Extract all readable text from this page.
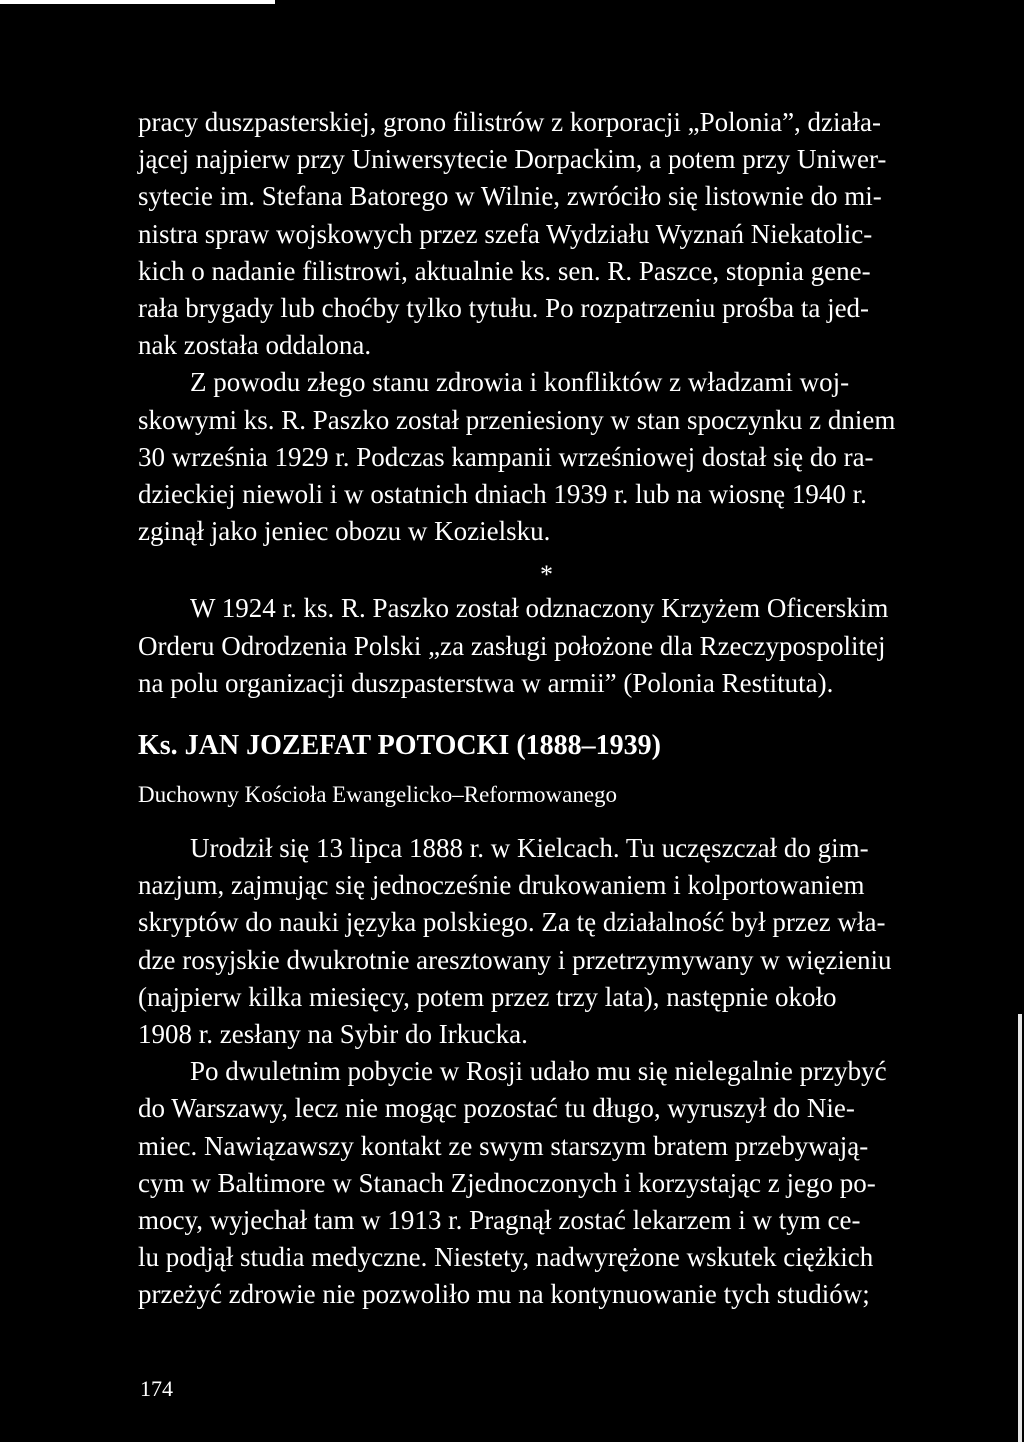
pracy duszpasterskiej, grono filistrów z korporacji „Polonia”, działa-
jącej najpierw przy Uniwersytecie Dorpackim, a potem przy Uniwer-
sytecie im. Stefana Batorego w Wilnie, zwróciło się listownie do mi-
nistra spraw wojskowych przez szefa Wydziału Wyznań Niekatolic-
kich o nadanie filistrowi, aktualnie ks. sen. R. Paszce, stopnia gene-
rała brygady lub choćby tylko tytułu. Po rozpatrzeniu prośba ta jed-
nak została oddalona.
Z powodu złego stanu zdrowia i konfliktów z władzami woj-
skowymi ks. R. Paszko został przeniesiony w stan spoczynku z dniem
30 września 1929 r. Podczas kampanii wrześniowej dostał się do ra-
dzieckiej niewoli i w ostatnich dniach 1939 r. lub na wiosnę 1940 r.
zginął jako jeniec obozu w Kozielsku.
*
W 1924 r. ks. R. Paszko został odznaczony Krzyżem Oficerskim
Orderu Odrodzenia Polski „za zasługi położone dla Rzeczypospolitej
na polu organizacji duszpasterstwa w armii” (Polonia Restituta).
Ks. JAN JOZEFAT POTOCKI (1888–1939)
Duchowny Kościoła Ewangelicko–Reformowanego
Urodził się 13 lipca 1888 r. w Kielcach. Tu uczęszczał do gim-
nazjum, zajmując się jednocześnie drukowaniem i kolportowaniem
skryptów do nauki języka polskiego. Za tę działalność był przez wła-
dze rosyjskie dwukrotnie aresztowany i przetrzymywany w więzieniu
(najpierw kilka miesięcy, potem przez trzy lata), następnie około
1908 r. zesłany na Sybir do Irkucka.
Po dwuletnim pobycie w Rosji udało mu się nielegalnie przybyć
do Warszawy, lecz nie mogąc pozostać tu długo, wyruszył do Nie-
miec. Nawiązawszy kontakt ze swym starszym bratem przebywają-
cym w Baltimore w Stanach Zjednoczonych i korzystając z jego po-
mocy, wyjechał tam w 1913 r. Pragnął zostać lekarzem i w tym ce-
lu podjął studia medyczne. Niestety, nadwyrężone wskutek ciężkich
przeżyć zdrowie nie pozwoliło mu na kontynuowanie tych studiów;
174
